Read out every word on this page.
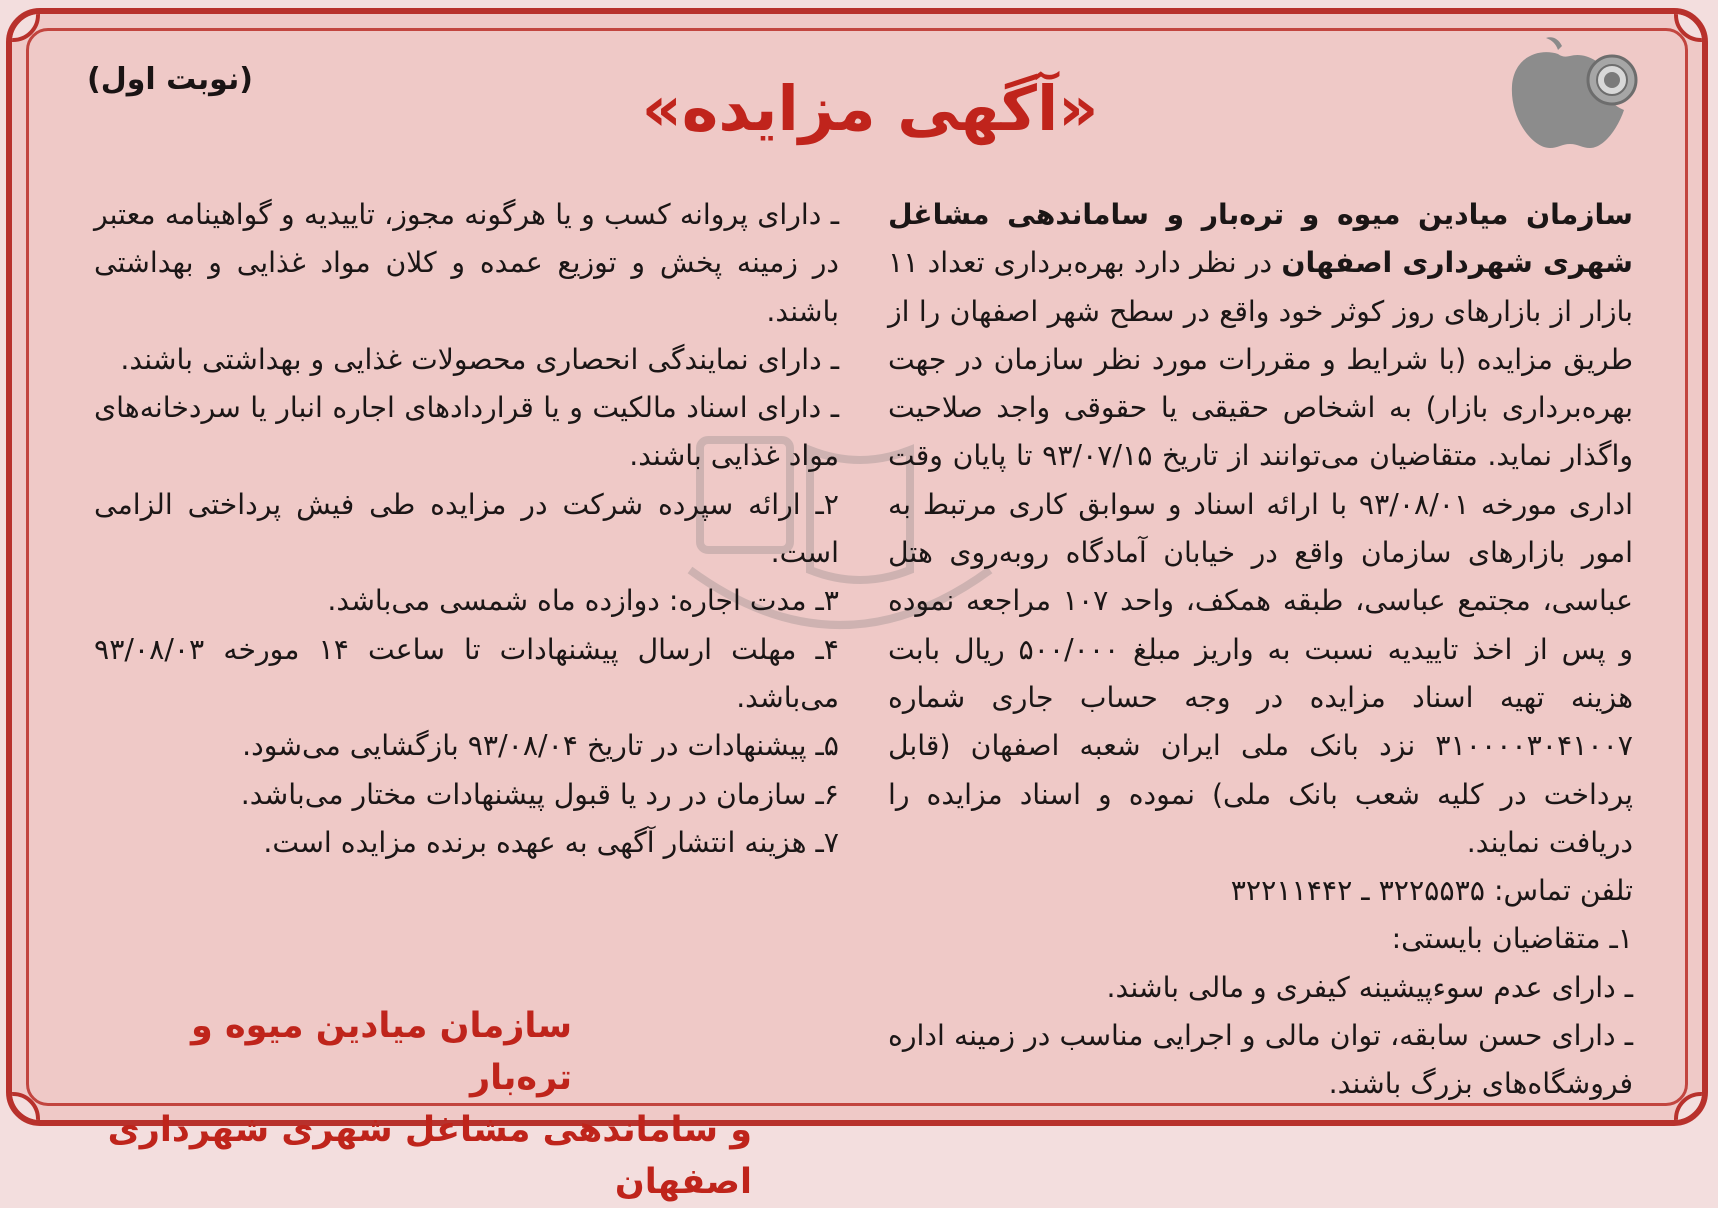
«آگهی مزایده»
(نوبت اول)

سازمان میادین میوه و تره‌بار و ساماندهی مشاغل شهری شهرداری اصفهان در نظر دارد بهره‌برداری تعداد ۱۱ بازار از بازارهای روز کوثر خود واقع در سطح شهر اصفهان را از طریق مزایده (با شرایط و مقررات مورد نظر سازمان در جهت بهره‌برداری بازار) به اشخاص حقیقی یا حقوقی واجد صلاحیت واگذار نماید. متقاضیان می‌توانند از تاریخ ۹۳/۰۷/۱۵ تا پایان وقت اداری مورخه ۹۳/۰۸/۰۱ با ارائه اسناد و سوابق کاری مرتبط به امور بازارهای سازمان واقع در خیابان آمادگاه روبه‌روی هتل عباسی، مجتمع عباسی، طبقه همکف، واحد ۱۰۷ مراجعه نموده و پس از اخذ تاییدیه نسبت به واریز مبلغ ۵۰۰/۰۰۰ ریال بابت هزینه تهیه اسناد مزایده در وجه حساب جاری شماره ۳۱۰۰۰۰۳۰۴۱۰۰۷ نزد بانک ملی ایران شعبه اصفهان (قابل پرداخت در کلیه شعب بانک ملی) نموده و اسناد مزایده را دریافت نمایند.

تلفن تماس: ۳۲۲۵۵۳۵ ـ ۳۲۲۱۱۴۴۲

۱ـ متقاضیان بایستی:

ـ دارای عدم سوءپیشینه کیفری و مالی باشند.

ـ دارای حسن سابقه، توان مالی و اجرایی مناسب در زمینه اداره فروشگاه‌های بزرگ باشند.

ـ دارای پروانه کسب و یا هرگونه مجوز، تاییدیه و گواهینامه معتبر در زمینه پخش و توزیع عمده و کلان مواد غذایی و بهداشتی باشند.

ـ دارای نمایندگی انحصاری محصولات غذایی و بهداشتی باشند.

ـ دارای اسناد مالکیت و یا قراردادهای اجاره انبار یا سردخانه‌های مواد غذایی باشند.

۲ـ ارائه سپرده شرکت در مزایده طی فیش پرداختی الزامی است.

۳ـ مدت اجاره: دوازده ماه شمسی می‌باشد.

۴ـ مهلت ارسال پیشنهادات تا ساعت ۱۴ مورخه ۹۳/۰۸/۰۳ می‌باشد.

۵ـ پیشنهادات در تاریخ ۹۳/۰۸/۰۴ بازگشایی می‌شود.

۶ـ سازمان در رد یا قبول پیشنهادات مختار می‌باشد.

۷ـ هزینه انتشار آگهی به عهده برنده مزایده است.

سازمان میادین میوه و تره‌بار
و ساماندهی مشاغل شهری شهرداری اصفهان
